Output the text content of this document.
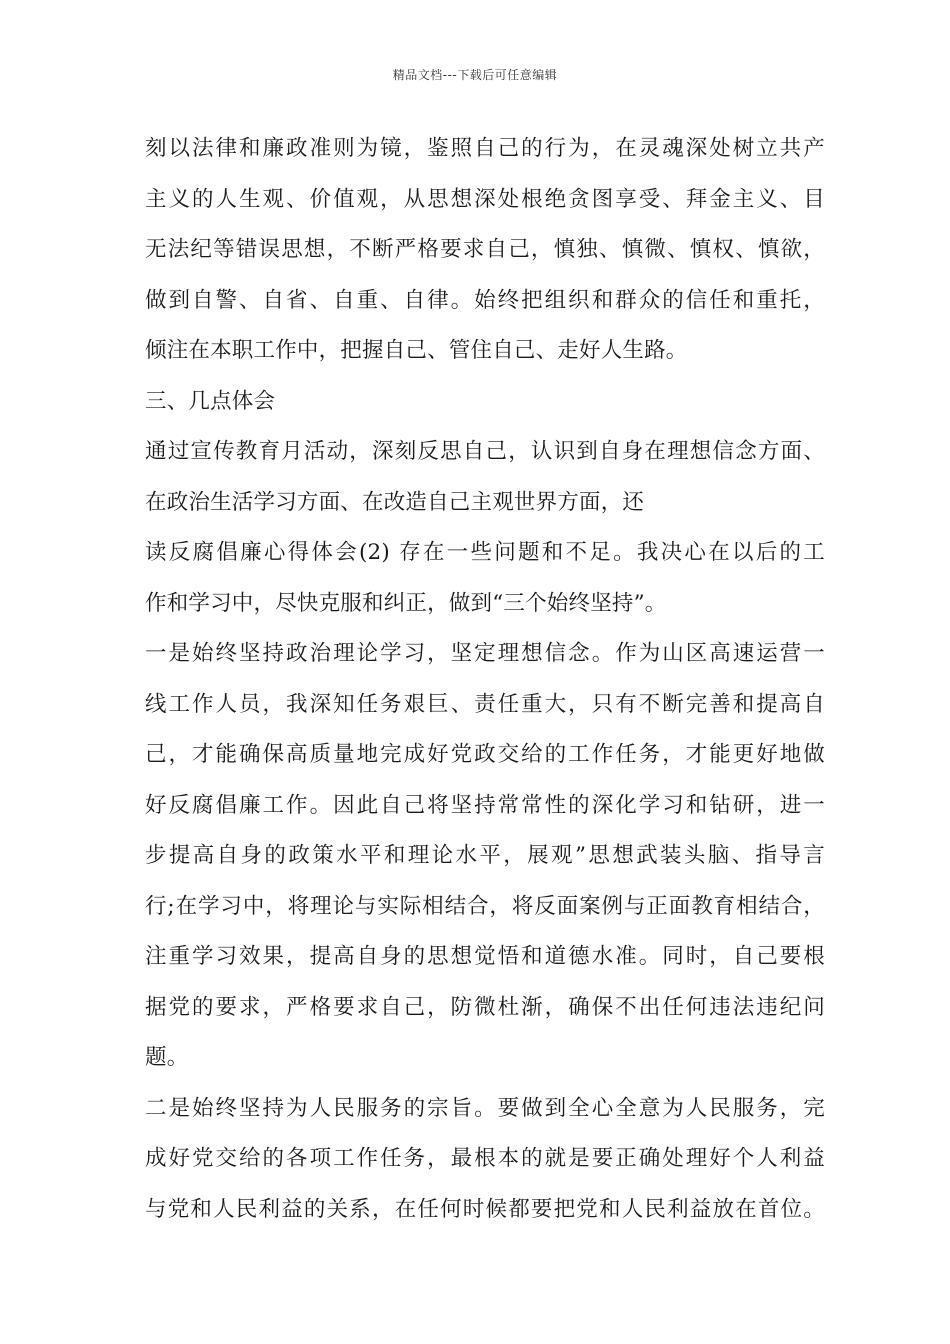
精品文档---下载后可任意编辑
刻以法律和廉政准则为镜，鉴照自己的行为，在灵魂深处树立共产
主义的人生观、价值观，从思想深处根绝贪图享受、拜金主义、目
无法纪等错误思想，不断严格要求自己，慎独、慎微、慎权、慎欲，
做到自警、自省、自重、自律。始终把组织和群众的信任和重托，
倾注在本职工作中，把握自己、管住自己、走好人生路。
三、几点体会
通过宣传教育月活动，深刻反思自己，认识到自身在理想信念方面、
在政治生活学习方面、在改造自己主观世界方面，还
读反腐倡廉心得体会(2) 存在一些问题和不足。我决心在以后的工
作和学习中，尽快克服和纠正，做到“三个始终坚持”。
一是始终坚持政治理论学习，坚定理想信念。作为山区高速运营一
线工作人员，我深知任务艰巨、责任重大，只有不断完善和提高自
己，才能确保高质量地完成好党政交给的工作任务，才能更好地做
好反腐倡廉工作。因此自己将坚持常常性的深化学习和钻研，进一
步提高自身的政策水平和理论水平，展观”思想武装头脑、指导言
行;在学习中，将理论与实际相结合，将反面案例与正面教育相结合，
注重学习效果，提高自身的思想觉悟和道德水准。同时，自己要根
据党的要求，严格要求自己，防微杜渐，确保不出任何违法违纪问
题。
二是始终坚持为人民服务的宗旨。要做到全心全意为人民服务，完
成好党交给的各项工作任务，最根本的就是要正确处理好个人利益
与党和人民利益的关系，在任何时候都要把党和人民利益放在首位。
